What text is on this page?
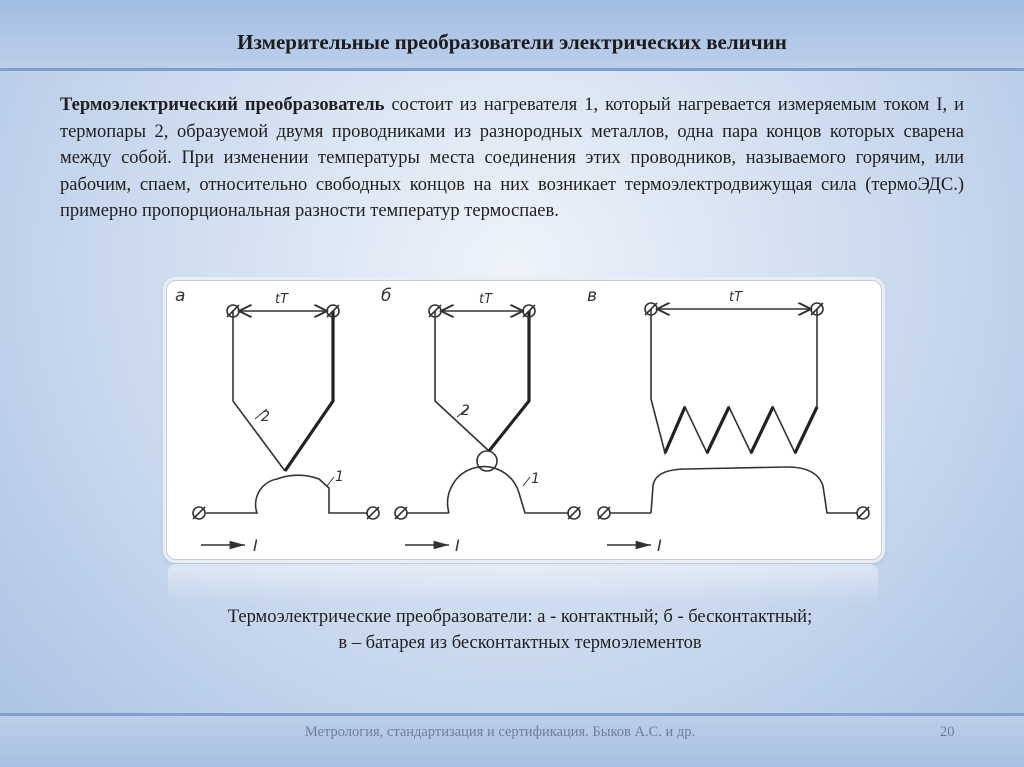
Измерительные преобразователи электрических величин
Термоэлектрический преобразователь состоит из нагревателя 1, который нагревается измеряемым током I, и термопары 2, образуемой двумя проводниками из разнородных металлов, одна пара концов которых сварена между собой. При изменении температуры места соединения этих проводников, называемого горячим, или рабочим, спаем, относительно свободных концов на них возникает термоэлектродвижущая сила (термоЭДС.) примерно пропорциональная разности температур термоспаев.
а	б	в
tT	tT	tT
2	2
1	1
I	I	I
Термоэлектрические преобразователи: а - контактный; б - бесконтактный;
в – батарея из бесконтактных термоэлементов
Метрология, стандартизация и сертификация. Быков А.С. и др.	20
